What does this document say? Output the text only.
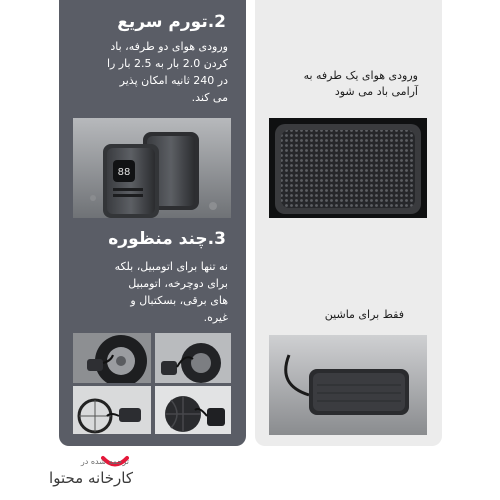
2.تورم سریع
ورودی هوای دو طرفه، باد
کردن 2.0 بار به 2.5 بار را
در 240 ثانیه امکان پذیر
می کند.
88
3.چند منظوره
نه تنها برای اتومبیل، بلکه
برای دوچرخه، اتومبیل
های برقی، بسکتبال و
غیره.
ورودی هوای یک طرفه به
آرامی باد می شود
فقط برای ماشین
ترجمه شده در
کارخانه محتوا
